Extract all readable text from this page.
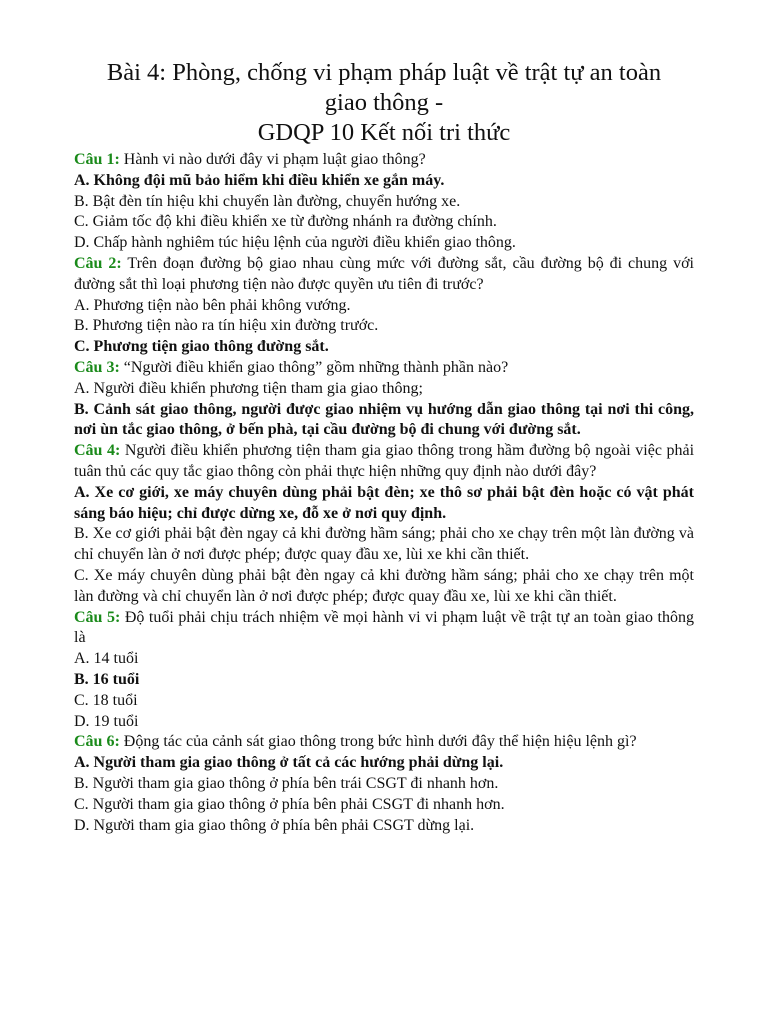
Bài 4: Phòng, chống vi phạm pháp luật về trật tự an toàn
giao thông -
GDQP 10 Kết nối tri thức

Câu 1: Hành vi nào dưới đây vi phạm luật giao thông?

A. Không đội mũ bảo hiểm khi điều khiển xe gắn máy.

B. Bật đèn tín hiệu khi chuyển làn đường, chuyển hướng xe.

C. Giảm tốc độ khi điều khiển xe từ đường nhánh ra đường chính.

D. Chấp hành nghiêm túc hiệu lệnh của người điều khiển giao thông.

Câu 2: Trên đoạn đường bộ giao nhau cùng mức với đường sắt, cầu đường bộ đi chung với đường sắt thì loại phương tiện nào được quyền ưu tiên đi trước?

A. Phương tiện nào bên phải không vướng.

B. Phương tiện nào ra tín hiệu xin đường trước.

C. Phương tiện giao thông đường sắt.

Câu 3: “Người điều khiển giao thông” gồm những thành phần nào?

A. Người điều khiển phương tiện tham gia giao thông;

B. Cảnh sát giao thông, người được giao nhiệm vụ hướng dẫn giao thông tại nơi thi công, nơi ùn tắc giao thông, ở bến phà, tại cầu đường bộ đi chung với đường sắt.

Câu 4: Người điều khiển phương tiện tham gia giao thông trong hầm đường bộ ngoài việc phải tuân thủ các quy tắc giao thông còn phải thực hiện những quy định nào dưới đây?

A. Xe cơ giới, xe máy chuyên dùng phải bật đèn; xe thô sơ phải bật đèn hoặc có vật phát sáng báo hiệu; chỉ được dừng xe, đỗ xe ở nơi quy định.

B. Xe cơ giới phải bật đèn ngay cả khi đường hầm sáng; phải cho xe chạy trên một làn đường và chỉ chuyển làn ở nơi được phép; được quay đầu xe, lùi xe khi cần thiết.

C. Xe máy chuyên dùng phải bật đèn ngay cả khi đường hầm sáng; phải cho xe chạy trên một làn đường và chỉ chuyển làn ở nơi được phép; được quay đầu xe, lùi xe khi cần thiết.

Câu 5: Độ tuổi phải chịu trách nhiệm về mọi hành vi vi phạm luật về trật tự an toàn giao thông là

A. 14 tuổi

B. 16 tuổi

C. 18 tuổi

D. 19 tuổi

Câu 6: Động tác của cảnh sát giao thông trong bức hình dưới đây thể hiện hiệu lệnh gì?

A. Người tham gia giao thông ở tất cả các hướng phải dừng lại.

B. Người tham gia giao thông ở phía bên trái CSGT đi nhanh hơn.

C. Người tham gia giao thông ở phía bên phải CSGT đi nhanh hơn.

D. Người tham gia giao thông ở phía bên phải CSGT dừng lại.
